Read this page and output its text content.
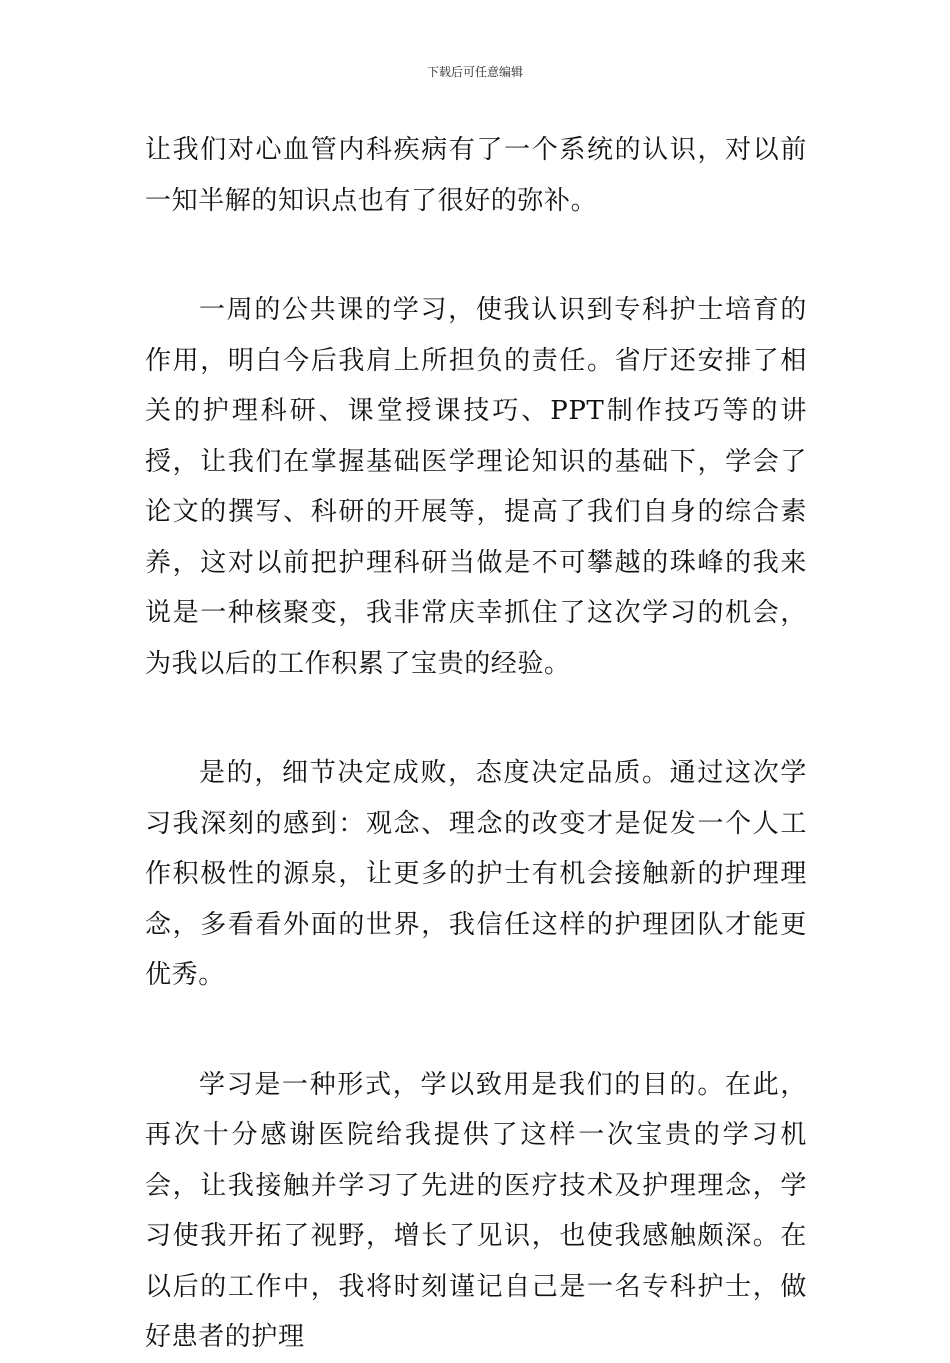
下载后可任意编辑

让我们对心血管内科疾病有了一个系统的认识，对以前一知半解的知识点也有了很好的弥补。

一周的公共课的学习，使我认识到专科护士培育的作用，明白今后我肩上所担负的责任。省厅还安排了相关的护理科研、课堂授课技巧、PPT制作技巧等的讲授，让我们在掌握基础医学理论知识的基础下，学会了论文的撰写、科研的开展等，提高了我们自身的综合素养，这对以前把护理科研当做是不可攀越的珠峰的我来说是一种核聚变，我非常庆幸抓住了这次学习的机会，为我以后的工作积累了宝贵的经验。

是的，细节决定成败，态度决定品质。通过这次学习我深刻的感到：观念、理念的改变才是促发一个人工作积极性的源泉，让更多的护士有机会接触新的护理理念，多看看外面的世界，我信任这样的护理团队才能更优秀。

学习是一种形式，学以致用是我们的目的。在此，再次十分感谢医院给我提供了这样一次宝贵的学习机会，让我接触并学习了先进的医疗技术及护理理念，学习使我开拓了视野，增长了见识，也使我感触颇深。在以后的工作中，我将时刻谨记自己是一名专科护士，做好患者的护理
